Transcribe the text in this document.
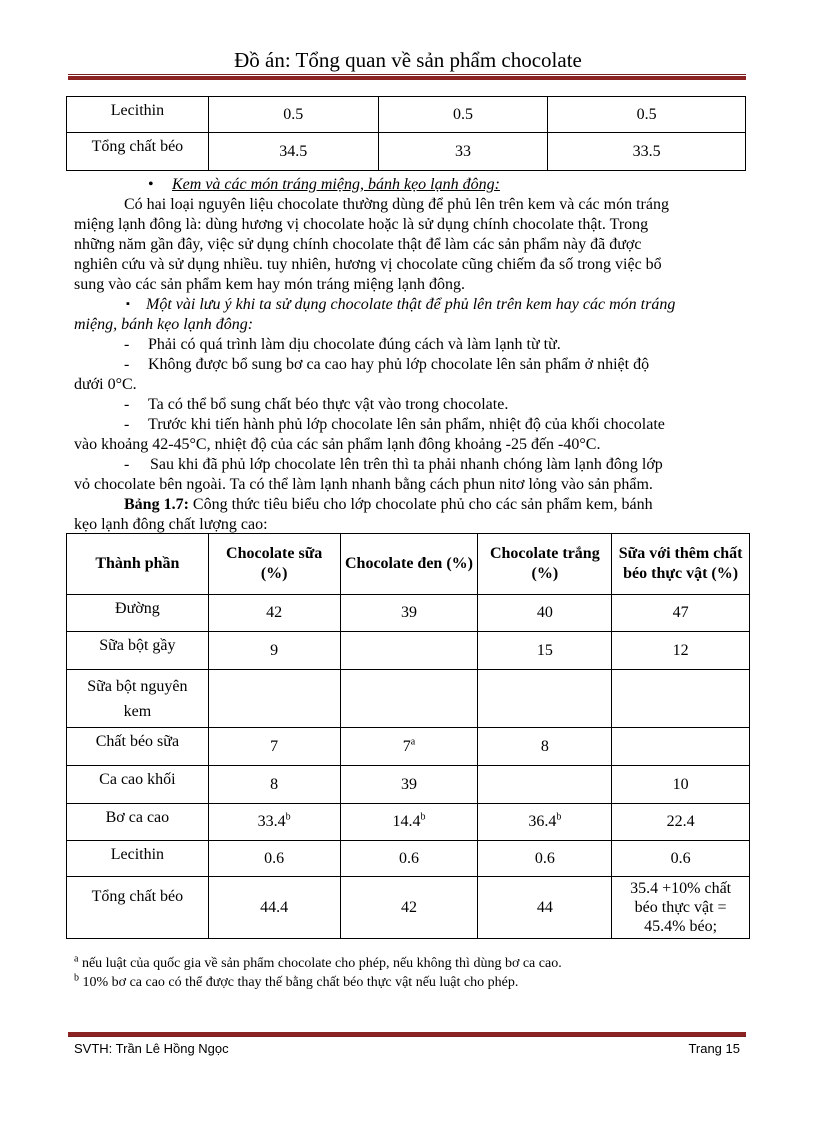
Đồ án: Tổng quan về sản phẩm chocolate
Lecithin	0.5	0.5	0.5
Tổng chất béo	34.5	33	33.5
• Kem và các món tráng miệng, bánh kẹo lạnh đông:
Có hai loại nguyên liệu chocolate thường dùng để phủ lên trên kem và các món tráng
miệng lạnh đông là: dùng hương vị chocolate hoặc là sử dụng chính chocolate thật. Trong
những năm gần đây, việc sử dụng chính chocolate thật để làm các sản phẩm này đã được
nghiên cứu và sử dụng nhiều. tuy nhiên, hương vị chocolate cũng chiếm đa số trong việc bổ
sung vào các sản phẩm kem hay món tráng miệng lạnh đông.
▪ Một vài lưu ý khi ta sử dụng chocolate thật để phủ lên trên kem hay các món tráng
miệng, bánh kẹo lạnh đông:
- Phải có quá trình làm dịu chocolate đúng cách và làm lạnh từ từ.
- Không được bổ sung bơ ca cao hay phủ lớp chocolate lên sản phẩm ở nhiệt độ
dưới 0°C.
- Ta có thể bổ sung chất béo thực vật vào trong chocolate.
- Trước khi tiến hành phủ lớp chocolate lên sản phẩm, nhiệt độ của khối chocolate
vào khoảng 42-45°C, nhiệt độ của các sản phẩm lạnh đông khoảng -25 đến -40°C.
- Sau khi đã phủ lớp chocolate lên trên thì ta phải nhanh chóng làm lạnh đông lớp
vỏ chocolate bên ngoài. Ta có thể làm lạnh nhanh bằng cách phun nitơ lỏng vào sản phẩm.
Bảng 1.7: Công thức tiêu biểu cho lớp chocolate phủ cho các sản phẩm kem, bánh
kẹo lạnh đông chất lượng cao:
Thành phần	Chocolate sữa (%)	Chocolate đen (%)	Chocolate trắng (%)	Sữa với thêm chất béo thực vật (%)
Đường	42	39	40	47
Sữa bột gầy	9		15	12
Sữa bột nguyên kem				
Chất béo sữa	7	7$^a$	8	
Ca cao khối	8	39		10
Bơ ca cao	33.4$^b$	14.4$^b$	36.4$^b$	22.4
Lecithin	0.6	0.6	0.6	0.6
Tổng chất béo	44.4	42	44	35.4 +10% chất béo thực vật = 45.4% béo;
$^a$ nếu luật của quốc gia về sản phẩm chocolate cho phép, nếu không thì dùng bơ ca cao.
$^b$ 10% bơ ca cao có thể được thay thế bằng chất béo thực vật nếu luật cho phép.
SVTH: Trần Lê Hồng Ngọc	Trang 15
